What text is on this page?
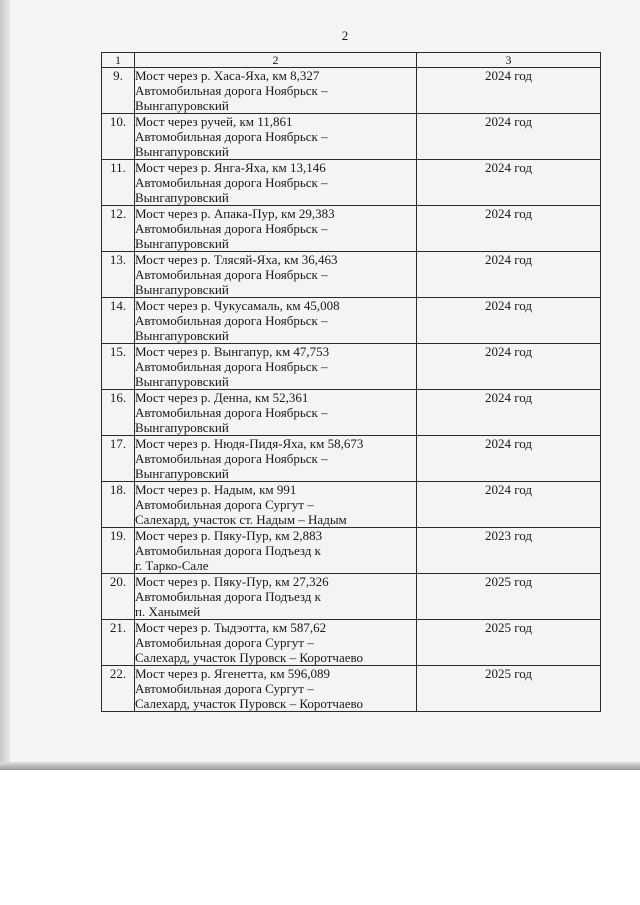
2
1	2	3
9.	Мост через р. Хаса-Яха, км 8,327
Автомобильная дорога Ноябрьск –
Вынгапуровский	2024 год
10.	Мост через ручей, км 11,861
Автомобильная дорога Ноябрьск –
Вынгапуровский	2024 год
11.	Мост через р. Янга-Яха, км 13,146
Автомобильная дорога Ноябрьск –
Вынгапуровский	2024 год
12.	Мост через р. Апака-Пур, км 29,383
Автомобильная дорога Ноябрьск –
Вынгапуровский	2024 год
13.	Мост через р. Тлясяй-Яха, км 36,463
Автомобильная дорога Ноябрьск –
Вынгапуровский	2024 год
14.	Мост через р. Чукусамаль, км 45,008
Автомобильная дорога Ноябрьск –
Вынгапуровский	2024 год
15.	Мост через р. Вынгапур, км 47,753
Автомобильная дорога Ноябрьск –
Вынгапуровский	2024 год
16.	Мост через р. Денна, км 52,361
Автомобильная дорога Ноябрьск –
Вынгапуровский	2024 год
17.	Мост через р. Нюдя-Пидя-Яха, км 58,673
Автомобильная дорога Ноябрьск –
Вынгапуровский	2024 год
18.	Мост через р. Надым, км 991
Автомобильная дорога Сургут –
Салехард, участок ст. Надым – Надым	2024 год
19.	Мост через р. Пяку-Пур, км 2,883
Автомобильная дорога Подъезд к
г. Тарко-Сале	2023 год
20.	Мост через р. Пяку-Пур, км 27,326
Автомобильная дорога Подъезд к
п. Ханымей	2025 год
21.	Мост через р. Тыдэотта, км 587,62
Автомобильная дорога Сургут –
Салехард, участок Пуровск – Коротчаево	2025 год
22.	Мост через р. Ягенетта, км 596,089
Автомобильная дорога Сургут –
Салехард, участок Пуровск – Коротчаево	2025 год
